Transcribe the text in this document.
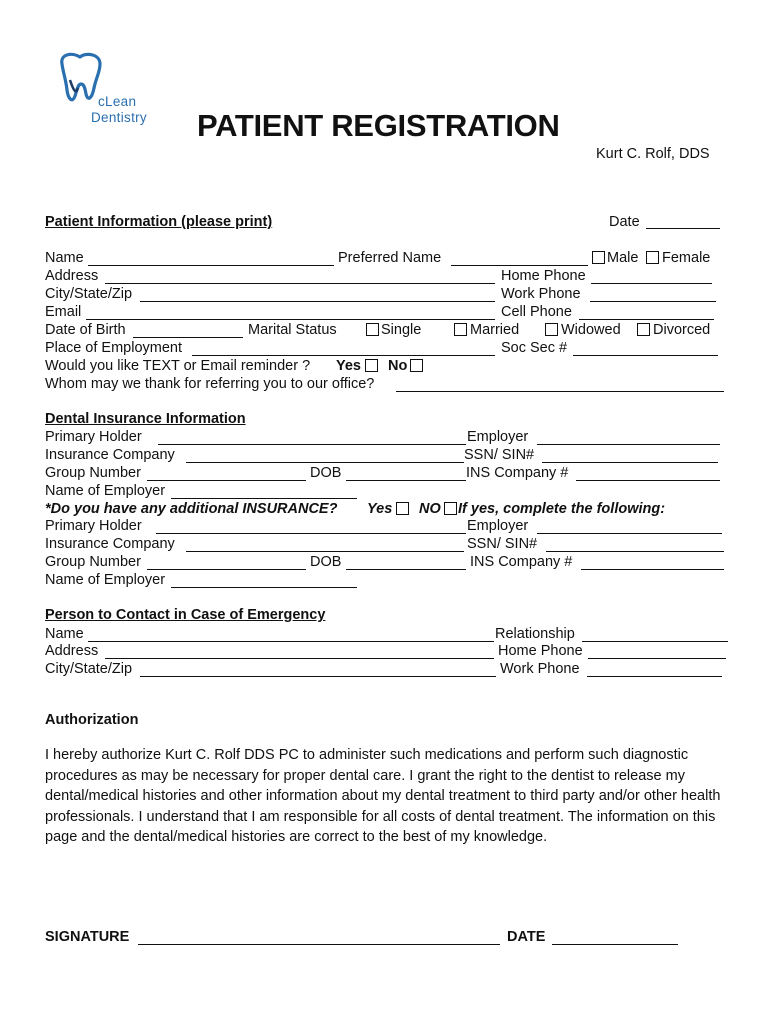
cLean
Dentistry PATIENT REGISTRATION
Kurt C. Rolf, DDS
Patient Information (please print)	Date
Name	Preferred Name	Male Female
Address	Home Phone
City/State/Zip	Work Phone
Email	Cell Phone
Date of Birth	Marital Status	Single	Married	Widowed Divorced
Place of Employment	Soc Sec #
Would you like TEXT or Email reminder ? Yes No
Whom may we thank for referring you to our office?
Dental Insurance Information
Primary Holder	Employer
Insurance Company	SSN/ SIN#
Group Number	DOB	INS Company #
Name of Employer
*Do you have any additional INSURANCE? Yes NO If yes, complete the following:
Primary Holder	Employer
Insurance Company	SSN/ SIN#
Group Number	DOB	INS Company #
Name of Employer
Person to Contact in Case of Emergency
Name	Relationship
Address	Home Phone
City/State/Zip	Work Phone
Authorization
I hereby authorize Kurt C. Rolf DDS PC to administer such medications and perform such diagnostic procedures as may be necessary for proper dental care. I grant the right to the dentist to release my dental/medical histories and other information about my dental treatment to third party and/or other health professionals. I understand that I am responsible for all costs of dental treatment. The information on this page and the dental/medical histories are correct to the best of my knowledge.
SIGNATURE	DATE
